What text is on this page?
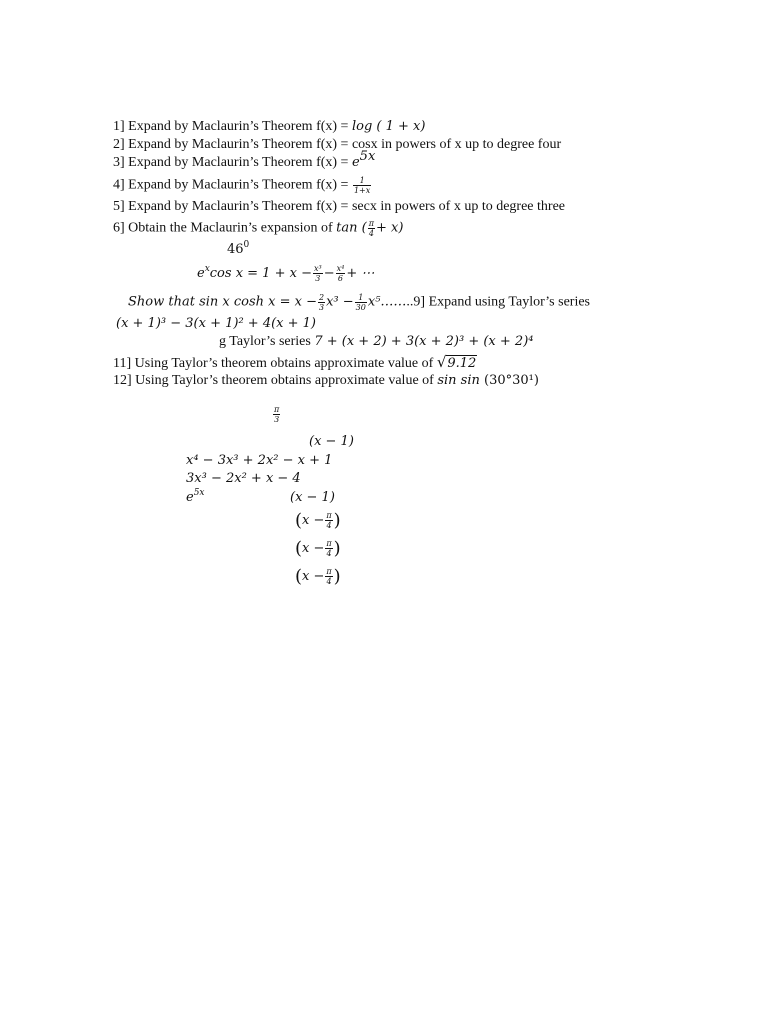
1] Expand by Maclaurin’s Theorem f(x) = log ( 1 + x)
2] Expand by Maclaurin’s Theorem f(x) = cosx in powers of x up to degree four
3] Expand by Maclaurin’s Theorem $f(x) = e^{5x}$
4] Expand by Maclaurin’s Theorem $f(x) = \frac{1}{1+x}$
5] Expand by Maclaurin’s Theorem f(x) = secx in powers of x up to degree three
6] Obtain the Maclaurin’s expansion of tan ( $\frac{\pi}{4} + x$)
$46^0$
$e^x\cos$ $x = 1 + x - \frac{\text{x³}}{3} - \frac{\text{x⁴}}{6}$ + ⋯
Show that sin x $\cosh x = x - \frac{2}{3} x^3 - \frac{1}{30}$ x⁵……..9] Expand using Taylor’s series
(x + 1)³ − 3(x + 1)² + 4(x + 1)
g Taylor’s series 7 + (x + 2) + 3(x + 2)³ + (x + 2)⁴
11] Using Taylor’s theorem obtains approximate value of √9.12
12] Using Taylor’s theorem obtains approximate value of sin sin (30°30¹)
$\frac{\pi}{3}$
(x − 1)
x⁴ − 3x³ + 2x² − x + 1
3x³ − 2x² + x − 4
$e^{5x}$	(x − 1)
($x - \frac{\pi}{4}$ )
($x - \frac{\pi}{4}$ )
($x - \frac{\pi}{4}$ )
